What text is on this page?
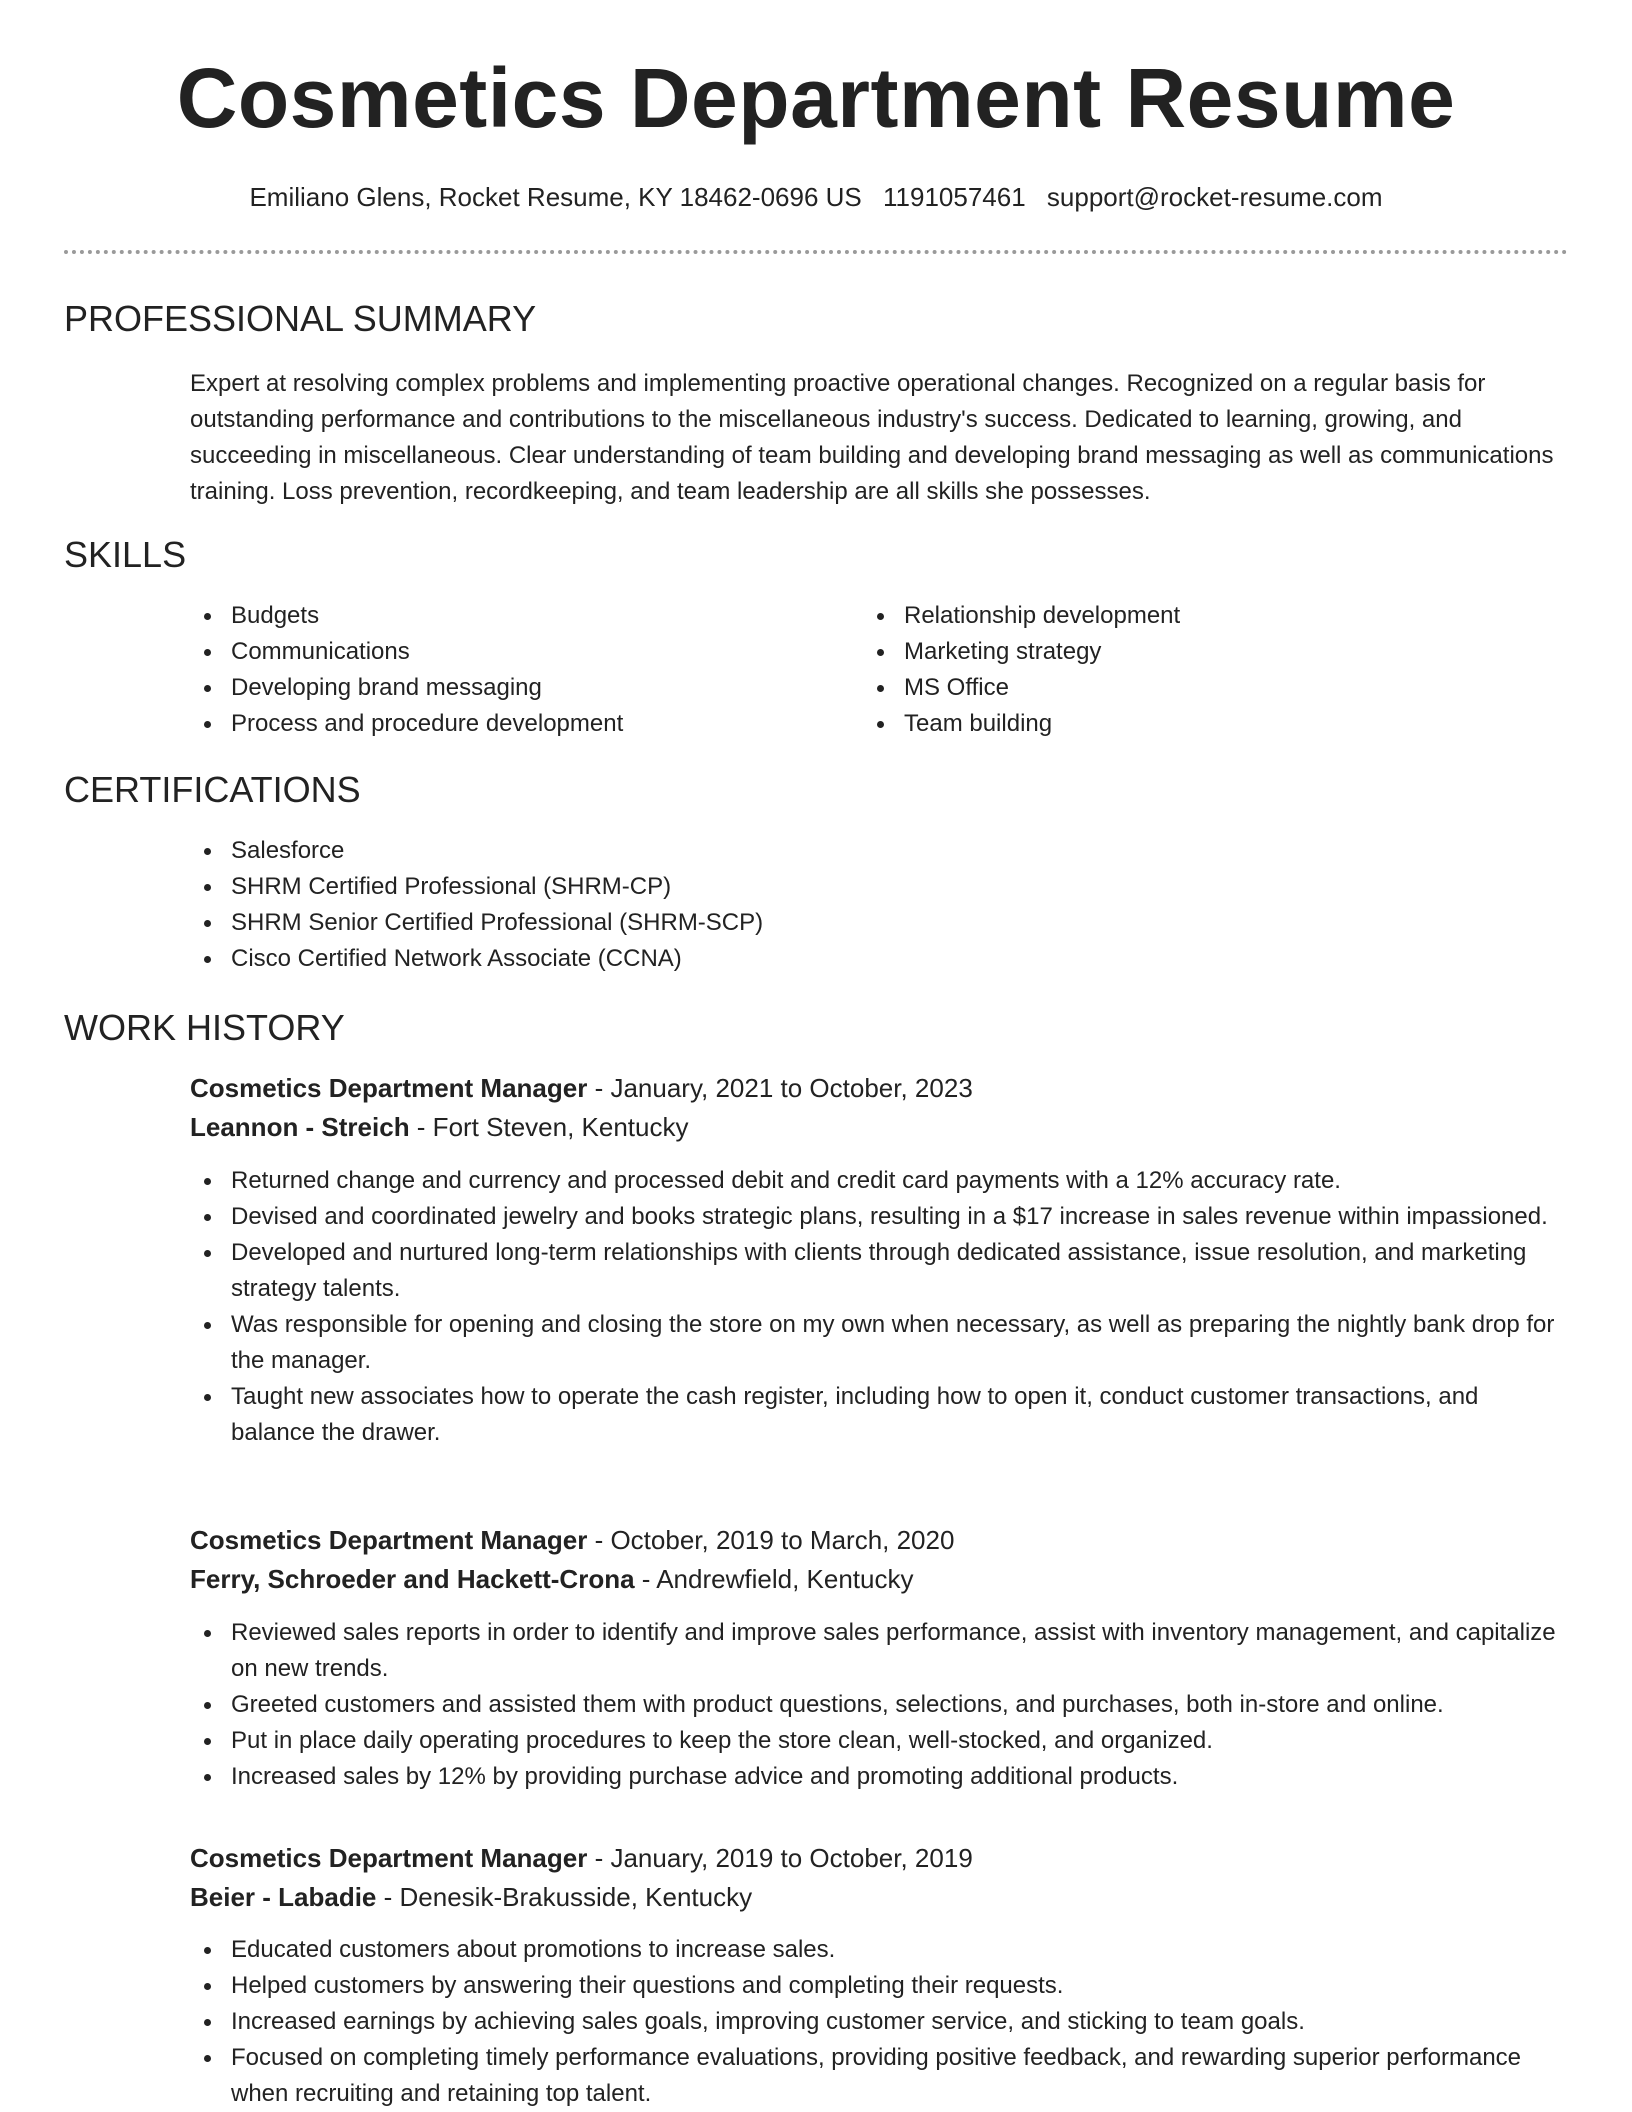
Cosmetics Department Resume
Emiliano Glens, Rocket Resume, KY 18462-0696 US 1191057461 support@rocket-resume.com
PROFESSIONAL SUMMARY

Expert at resolving complex problems and implementing proactive operational changes. Recognized on a regular basis for outstanding performance and contributions to the miscellaneous industry's success. Dedicated to learning, growing, and succeeding in miscellaneous. Clear understanding of team building and developing brand messaging as well as communications training. Loss prevention, recordkeeping, and team leadership are all skills she possesses.

SKILLS
Budgets
Communications
Developing brand messaging
Process and procedure development
Relationship development
Marketing strategy
MS Office
Team building
CERTIFICATIONS
Salesforce
SHRM Certified Professional (SHRM-CP)
SHRM Senior Certified Professional (SHRM-SCP)
Cisco Certified Network Associate (CCNA)
WORK HISTORY
Cosmetics Department Manager - January, 2021 to October, 2023
Leannon - Streich - Fort Steven, Kentucky
Returned change and currency and processed debit and credit card payments with a 12% accuracy rate.
Devised and coordinated jewelry and books strategic plans, resulting in a $17 increase in sales revenue within impassioned.
Developed and nurtured long-term relationships with clients through dedicated assistance, issue resolution, and marketing strategy talents.
Was responsible for opening and closing the store on my own when necessary, as well as preparing the nightly bank drop for the manager.
Taught new associates how to operate the cash register, including how to open it, conduct customer transactions, and balance the drawer.
Cosmetics Department Manager - October, 2019 to March, 2020
Ferry, Schroeder and Hackett-Crona - Andrewfield, Kentucky
Reviewed sales reports in order to identify and improve sales performance, assist with inventory management, and capitalize on new trends.
Greeted customers and assisted them with product questions, selections, and purchases, both in-store and online.
Put in place daily operating procedures to keep the store clean, well-stocked, and organized.
Increased sales by 12% by providing purchase advice and promoting additional products.
Cosmetics Department Manager - January, 2019 to October, 2019
Beier - Labadie - Denesik-Brakusside, Kentucky
Educated customers about promotions to increase sales.
Helped customers by answering their questions and completing their requests.
Increased earnings by achieving sales goals, improving customer service, and sticking to team goals.
Focused on completing timely performance evaluations, providing positive feedback, and rewarding superior performance when recruiting and retaining top talent.
